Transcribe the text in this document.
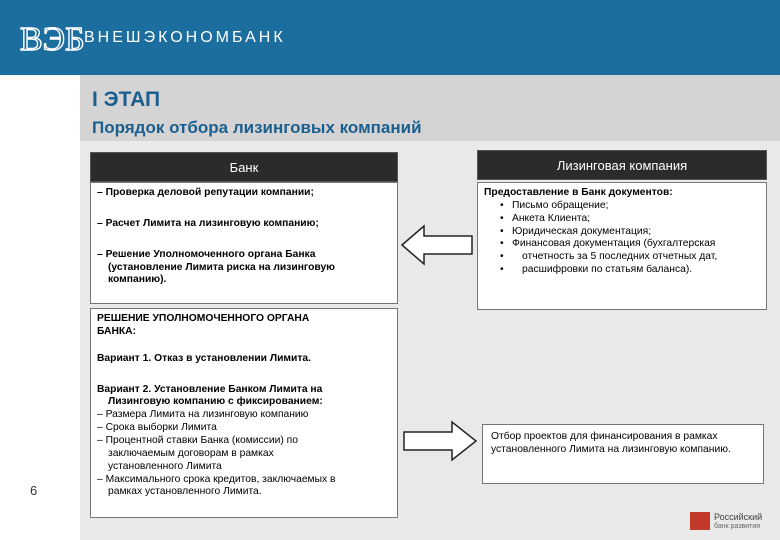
ВЭБ ВНЕШЭКОНОМБАНК
I ЭТАП
Порядок отбора лизинговых компаний
Банк	Лизинговая компания

– Проверка деловой репутации компании;

– Расчет Лимита на лизинговую компанию;

– Решение Уполномоченного органа Банка

(установление Лимита риска на лизинговую

компанию).

Предоставление в Банк документов:

• Письмо обращение;
• Анкета Клиента;
• Юридическая документация;
• Финансовая документация (бухгалтерская
• отчетность за 5 последних отчетных дат,
• расшифровки по статьям баланса).

РЕШЕНИЕ УПОЛНОМОЧЕННОГО ОРГАНА

БАНКА:

Вариант 1. Отказ в установлении Лимита.

Вариант 2. Установление Банком Лимита на

Лизинговую компанию с фиксированием:

– Размера Лимита на лизинговую компанию

– Срока выборки Лимита

– Процентной ставки Банка (комиссии) по

заключаемым договорам в рамках

установленного Лимита

– Максимального срока кредитов, заключаемых в

рамках установленного Лимита.

Отбор проектов для финансирования в рамках установленного Лимита на лизинговую компанию.

6
Российский
банк развития
